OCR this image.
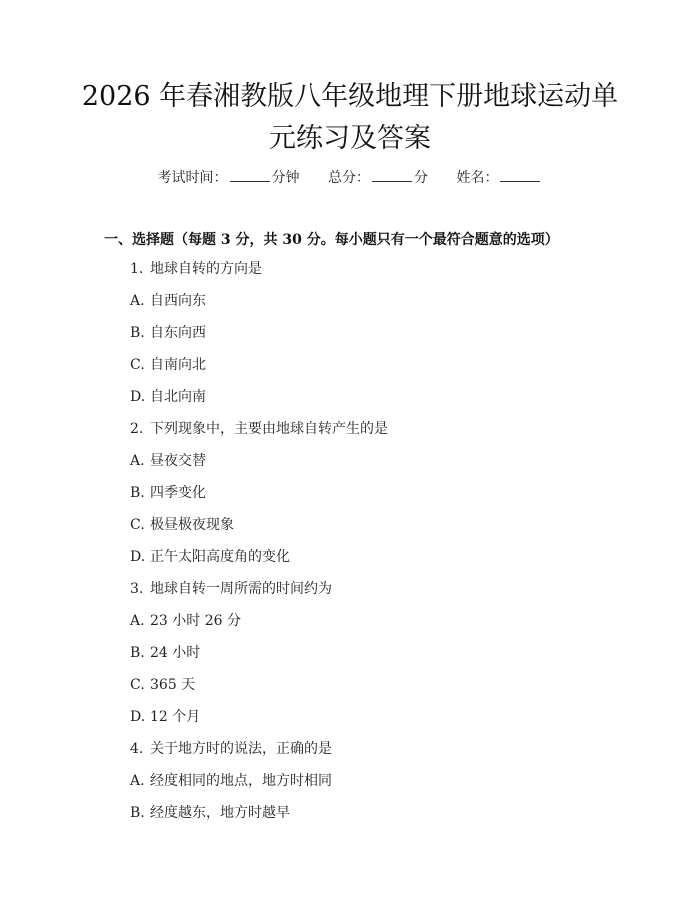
2026 年春湘教版八年级地理下册地球运动单
元练习及答案
考试时间：	分钟 总分：	分 姓名：
一、选择题（每题 3 分，共 30 分。每小题只有一个最符合题意的选项）
1. 地球自转的方向是
A. 自西向东
B. 自东向西
C. 自南向北
D. 自北向南
2. 下列现象中，主要由地球自转产生的是
A. 昼夜交替
B. 四季变化
C. 极昼极夜现象
D. 正午太阳高度角的变化
3. 地球自转一周所需的时间约为
A. 23 小时 26 分
B. 24 小时
C. 365 天
D. 12 个月
4. 关于地方时的说法，正确的是
A. 经度相同的地点，地方时相同
B. 经度越东，地方时越早
